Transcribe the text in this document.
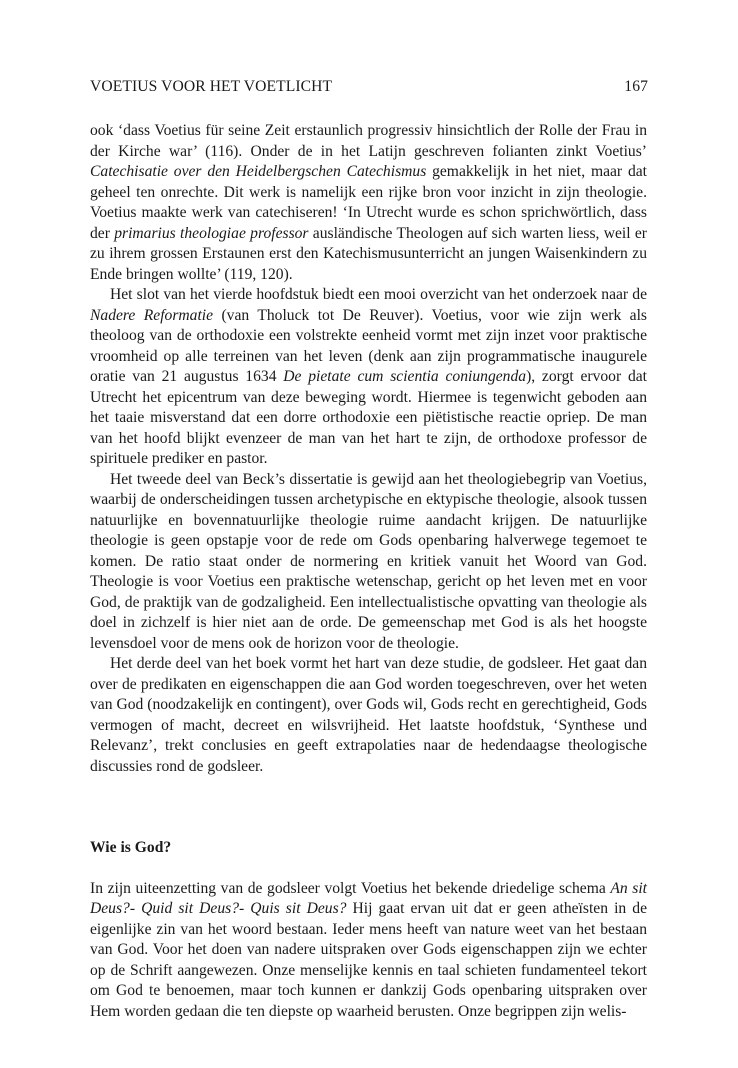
VOETIUS VOOR HET VOETLICHT	167

ook ‘dass Voetius für seine Zeit erstaunlich progressiv hinsichtlich der Rolle der Frau in der Kirche war’ (116). Onder de in het Latijn geschreven folianten zinkt Voetius’ Catechisatie over den Heidelbergschen Catechismus gemakkelijk in het niet, maar dat geheel ten onrechte. Dit werk is namelijk een rijke bron voor inzicht in zijn theologie. Voetius maakte werk van catechiseren! ‘In Utrecht wurde es schon sprichwörtlich, dass der primarius theologiae professor ausländische Theologen auf sich warten liess, weil er zu ihrem grossen Erstaunen erst den Katechismusunterricht an jungen Waisenkindern zu Ende bringen wollte’ (119, 120).

Het slot van het vierde hoofdstuk biedt een mooi overzicht van het onderzoek naar de Nadere Reformatie (van Tholuck tot De Reuver). Voetius, voor wie zijn werk als theoloog van de orthodoxie een volstrekte eenheid vormt met zijn inzet voor praktische vroomheid op alle terreinen van het leven (denk aan zijn programmatische inaugurele oratie van 21 augustus 1634 De pietate cum scientia coniungenda), zorgt ervoor dat Utrecht het epicentrum van deze beweging wordt. Hiermee is tegenwicht geboden aan het taaie misverstand dat een dorre orthodoxie een piëtistische reactie opriep. De man van het hoofd blijkt evenzeer de man van het hart te zijn, de orthodoxe professor de spirituele prediker en pastor.

Het tweede deel van Beck’s dissertatie is gewijd aan het theologiebegrip van Voetius, waarbij de onderscheidingen tussen archetypische en ektypische theologie, alsook tussen natuurlijke en bovennatuurlijke theologie ruime aandacht krijgen. De natuurlijke theologie is geen opstapje voor de rede om Gods openbaring halverwege tegemoet te komen. De ratio staat onder de normering en kritiek vanuit het Woord van God. Theologie is voor Voetius een praktische wetenschap, gericht op het leven met en voor God, de praktijk van de godzaligheid. Een intellectualistische opvatting van theologie als doel in zichzelf is hier niet aan de orde. De gemeenschap met God is als het hoogste levensdoel voor de mens ook de horizon voor de theologie.

Het derde deel van het boek vormt het hart van deze studie, de godsleer. Het gaat dan over de predikaten en eigenschappen die aan God worden toegeschreven, over het weten van God (noodzakelijk en contingent), over Gods wil, Gods recht en gerechtigheid, Gods vermogen of macht, decreet en wilsvrijheid. Het laatste hoofdstuk, ‘Synthese und Relevanz’, trekt conclusies en geeft extrapolaties naar de hedendaagse theologische discussies rond de godsleer.

Wie is God?

In zijn uiteenzetting van de godsleer volgt Voetius het bekende driedelige schema An sit Deus?- Quid sit Deus?- Quis sit Deus? Hij gaat ervan uit dat er geen atheïsten in de eigenlijke zin van het woord bestaan. Ieder mens heeft van nature weet van het bestaan van God. Voor het doen van nadere uitspraken over Gods eigenschappen zijn we echter op de Schrift aangewezen. Onze menselijke kennis en taal schieten fundamenteel tekort om God te benoemen, maar toch kunnen er dankzij Gods openbaring uitspraken over Hem worden gedaan die ten diepste op waarheid berusten. Onze begrippen zijn welis-
